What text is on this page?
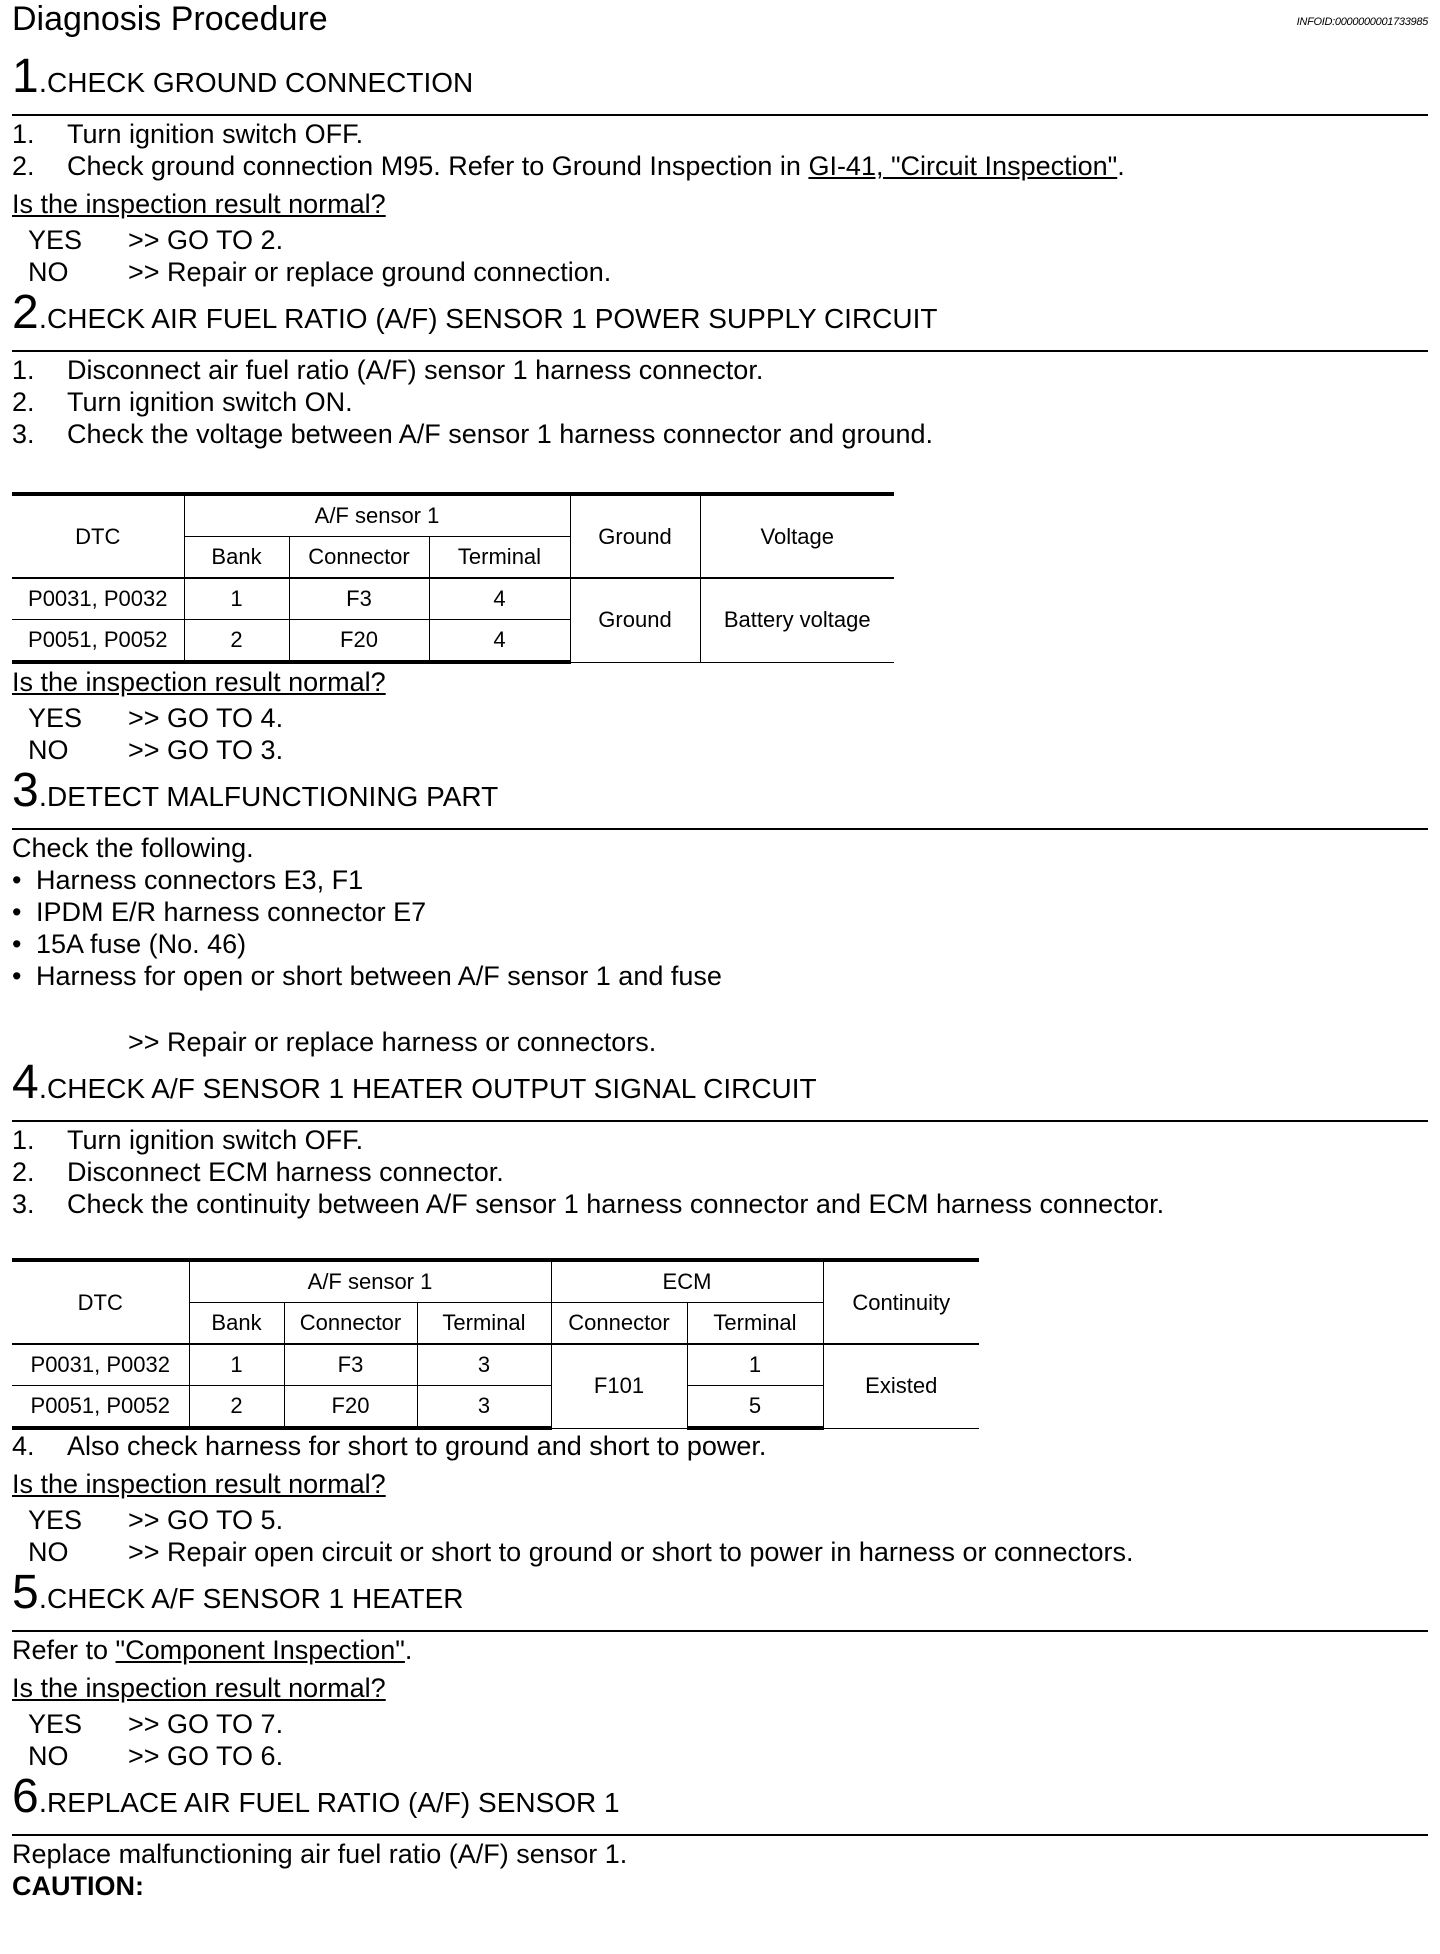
Diagnosis Procedure	INFOID:0000000001733985
1 . CHECK GROUND CONNECTION
1.	Turn ignition switch OFF.
2.	Check ground connection M95. Refer to Ground Inspection in GI-41, "Circuit Inspection".
Is the inspection result normal?
YES	>> GO TO 2.
NO	>> Repair or replace ground connection.
2 . CHECK AIR FUEL RATIO (A/F) SENSOR 1 POWER SUPPLY CIRCUIT
1.	Disconnect air fuel ratio (A/F) sensor 1 harness connector.
2.	Turn ignition switch ON.
3.	Check the voltage between A/F sensor 1 harness connector and ground.
DTC	A/F sensor 1			Ground	Voltage
	Bank	Connector	Terminal		
P0031, P0032	1	F3	4	Ground	Battery voltage
P0051, P0052	2	F20	4		
Is the inspection result normal?
YES	>> GO TO 4.
NO	>> GO TO 3.
3 . DETECT MALFUNCTIONING PART
Check the following.
• Harness connectors E3, F1
• IPDM E/R harness connector E7
• 15A fuse (No. 46)
• Harness for open or short between A/F sensor 1 and fuse
>> Repair or replace harness or connectors.
4 . CHECK A/F SENSOR 1 HEATER OUTPUT SIGNAL CIRCUIT
1.	Turn ignition switch OFF.
2.	Disconnect ECM harness connector.
3.	Check the continuity between A/F sensor 1 harness connector and ECM harness connector.
DTC	A/F sensor 1			ECM		Continuity
	Bank	Connector	Terminal	Connector	Terminal	
P0031, P0032	1	F3	3	F101	1	Existed
P0051, P0052	2	F20	3		5	
4.	Also check harness for short to ground and short to power.
Is the inspection result normal?
YES	>> GO TO 5.
NO	>> Repair open circuit or short to ground or short to power in harness or connectors.
5 . CHECK A/F SENSOR 1 HEATER
Refer to "Component Inspection".
Is the inspection result normal?
YES	>> GO TO 7.
NO	>> GO TO 6.
6 . REPLACE AIR FUEL RATIO (A/F) SENSOR 1
Replace malfunctioning air fuel ratio (A/F) sensor 1.
CAUTION:
